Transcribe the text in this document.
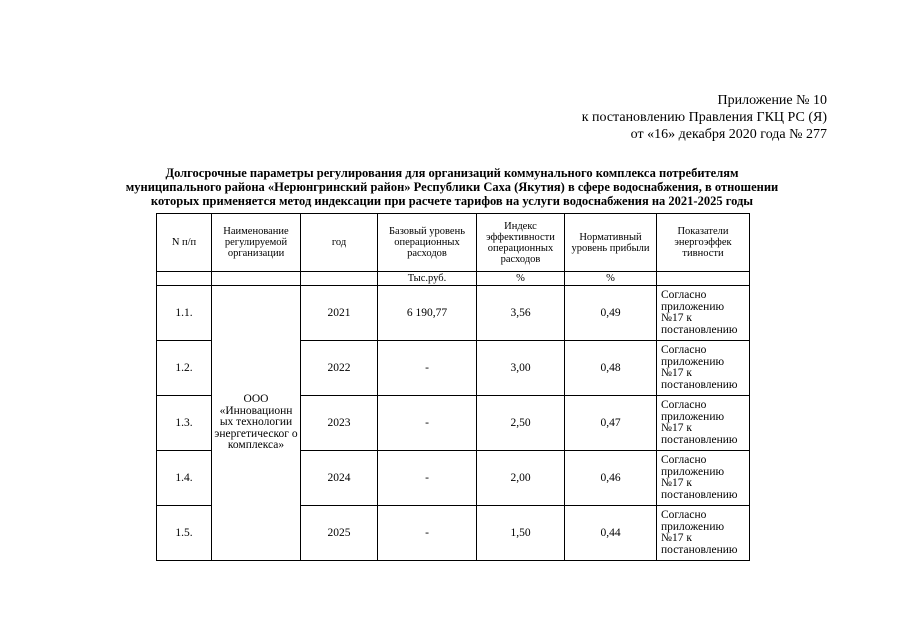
Приложение № 10
к постановлению Правления ГКЦ РС (Я)
от «16» декабря 2020 года № 277
Долгосрочные параметры регулирования для организаций коммунального комплекса потребителям
муниципального района «Нерюнгринский район» Республики Саха (Якутия) в сфере водоснабжения, в отношении
которых применяется метод индексации при расчете тарифов на услуги водоснабжения на 2021-2025 годы
N п/п	Наименование регулируемой организации	год	Базовый уровень операционных расходов	Индекс эффективности операционных расходов	Нормативный уровень прибыли	Показатели энергоэффек тивности
			Тыс.руб.	%	%	
1.1.	ООО «Инновационн ых технологии энергетическог о комплекса»	2021	6 190,77	3,56	0,49	Согласно приложению №17 к постановлению
1.2.		2022	-	3,00	0,48	Согласно приложению №17 к постановлению
1.3.		2023	-	2,50	0,47	Согласно приложению №17 к постановлению
1.4.		2024	-	2,00	0,46	Согласно приложению №17 к постановлению
1.5.		2025	-	1,50	0,44	Согласно приложению №17 к постановлению
